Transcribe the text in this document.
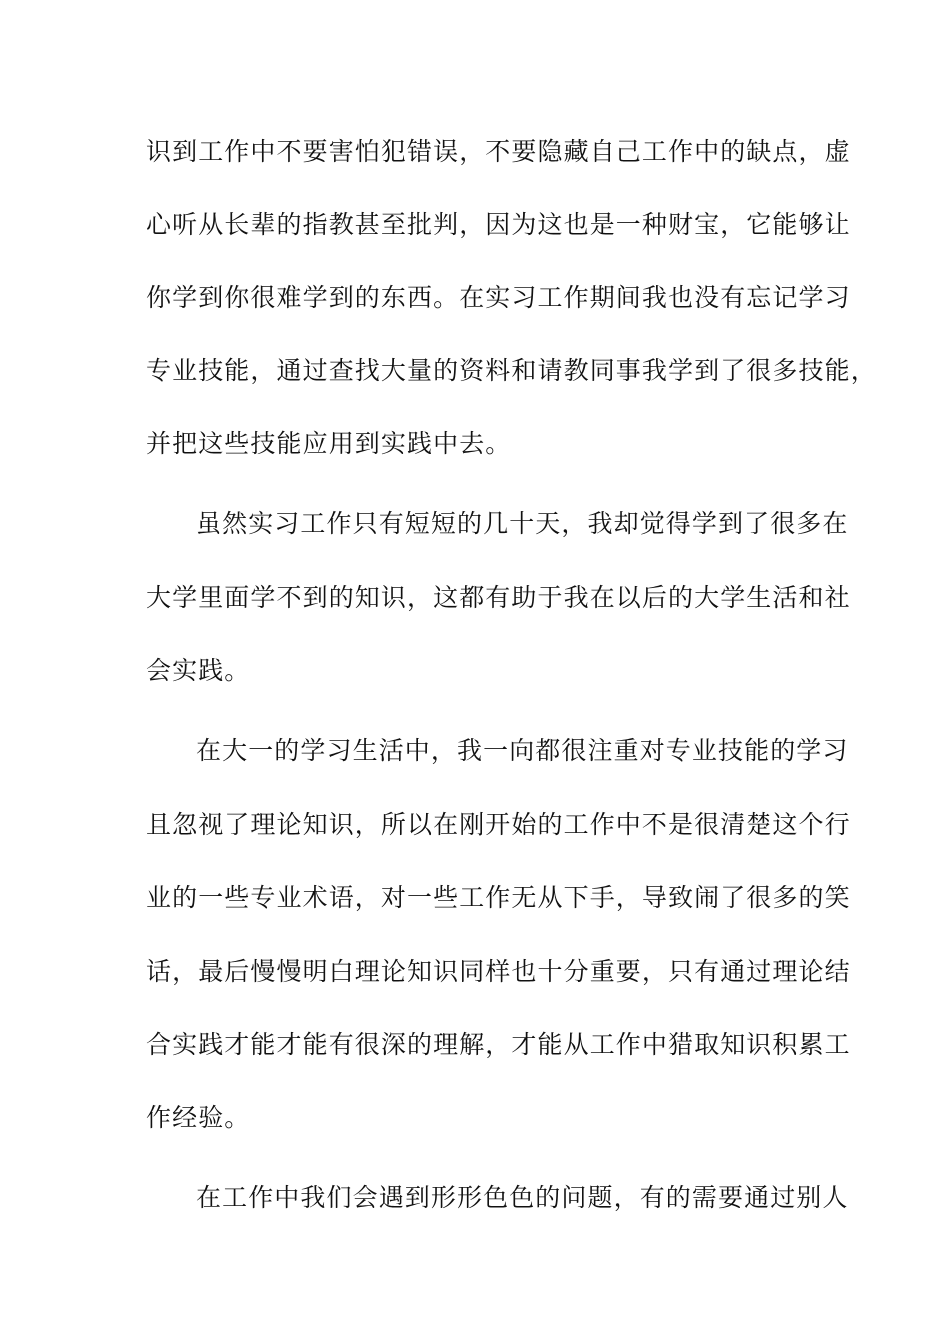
识到工作中不要害怕犯错误，不要隐藏自己工作中的缺点，虚
心听从长辈的指教甚至批判，因为这也是一种财宝，它能够让
你学到你很难学到的东西。在实习工作期间我也没有忘记学习
专业技能，通过查找大量的资料和请教同事我学到了很多技能，
并把这些技能应用到实践中去。
虽然实习工作只有短短的几十天，我却觉得学到了很多在
大学里面学不到的知识，这都有助于我在以后的大学生活和社
会实践。
在大一的学习生活中，我一向都很注重对专业技能的学习
且忽视了理论知识，所以在刚开始的工作中不是很清楚这个行
业的一些专业术语，对一些工作无从下手，导致闹了很多的笑
话，最后慢慢明白理论知识同样也十分重要，只有通过理论结
合实践才能才能有很深的理解，才能从工作中猎取知识积累工
作经验。
在工作中我们会遇到形形色色的问题，有的需要通过别人
